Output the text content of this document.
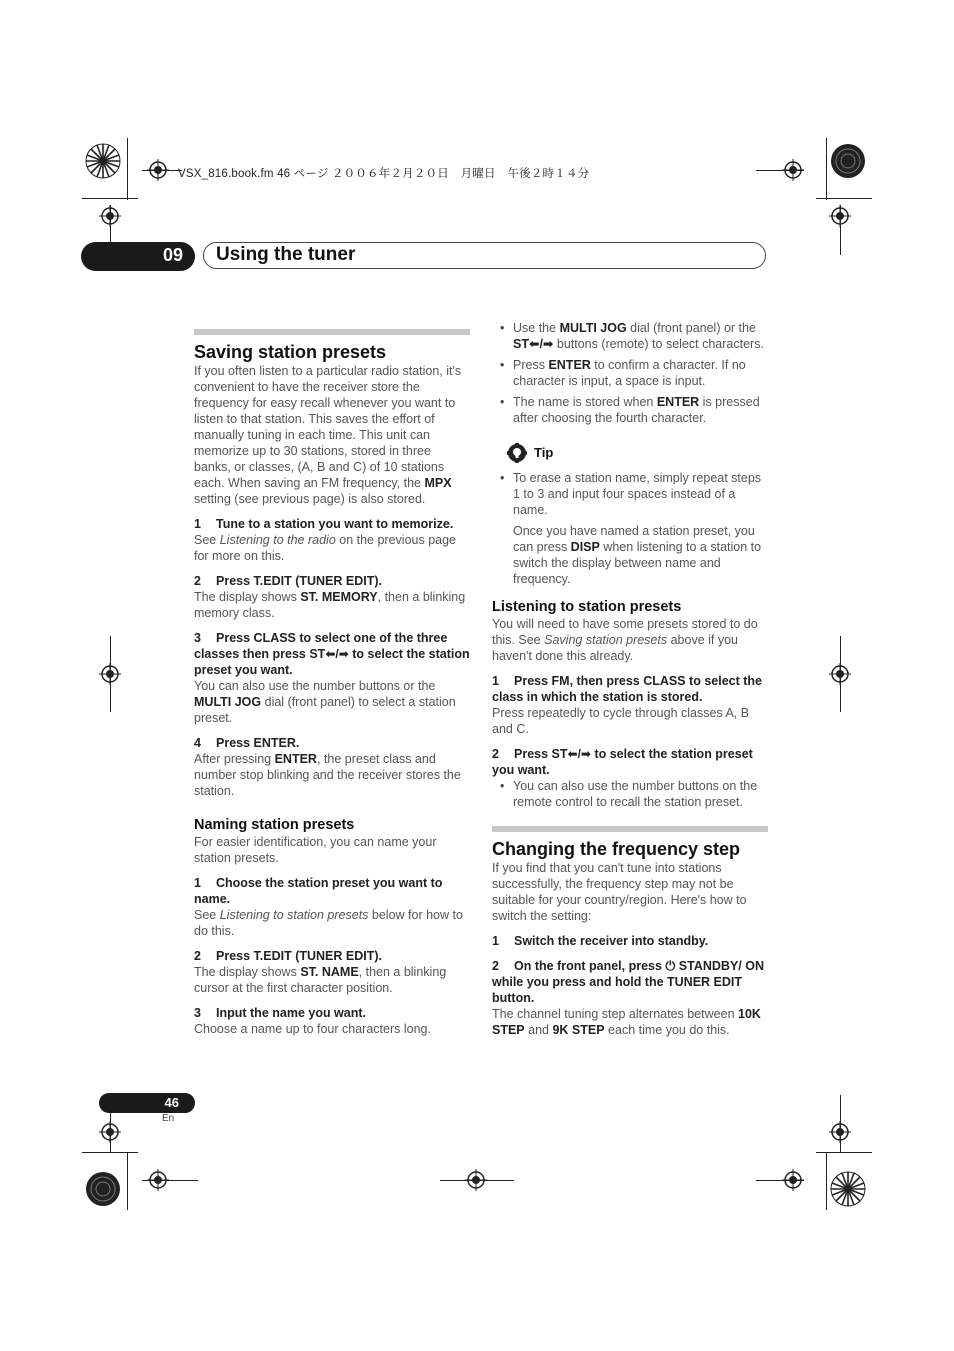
VSX_816.book.fm 46 ページ ２００６年２月２０日　月曜日　午後２時１４分
09 Using the tuner

Saving station presets

If you often listen to a particular radio station, it's convenient to have the receiver store the frequency for easy recall whenever you want to listen to that station. This saves the effort of manually tuning in each time. This unit can memorize up to 30 stations, stored in three banks, or classes, (A, B and C) of 10 stations each. When saving an FM frequency, the MPX setting (see previous page) is also stored.

1 Tune to a station you want to memorize.

See Listening to the radio on the previous page for more on this.

2 Press T.EDIT (TUNER EDIT).

The display shows ST. MEMORY, then a blinking memory class.

3 Press CLASS to select one of the three classes then press ST⬅/➡ to select the station preset you want.

You can also use the number buttons or the MULTI JOG dial (front panel) to select a station preset.

4 Press ENTER.

After pressing ENTER, the preset class and number stop blinking and the receiver stores the station.

Naming station presets

For easier identification, you can name your station presets.

1 Choose the station preset you want to name.

See Listening to station presets below for how to do this.

2 Press T.EDIT (TUNER EDIT).

The display shows ST. NAME, then a blinking cursor at the first character position.

3 Input the name you want.

Choose a name up to four characters long.

• Use the MULTI JOG dial (front panel) or the ST⬅/➡ buttons (remote) to select characters.
• Press ENTER to confirm a character. If no character is input, a space is input.
• The name is stored when ENTER is pressed after choosing the fourth character.
Tip
• To erase a station name, simply repeat steps 1 to 3 and input four spaces instead of a name.

Once you have named a station preset, you can press DISP when listening to a station to switch the display between name and frequency.

Listening to station presets

You will need to have some presets stored to do this. See Saving station presets above if you haven't done this already.

1 Press FM, then press CLASS to select the class in which the station is stored.

Press repeatedly to cycle through classes A, B and C.

2 Press ST⬅/➡ to select the station preset you want.

• You can also use the number buttons on the remote control to recall the station preset.

Changing the frequency step

If you find that you can't tune into stations successfully, the frequency step may not be suitable for your country/region. Here's how to switch the setting:

1 Switch the receiver into standby.

2 On the front panel, press ⏻ STANDBY/ ON while you press and hold the TUNER EDIT button.

The channel tuning step alternates between 10K STEP and 9K STEP each time you do this.

46
En
